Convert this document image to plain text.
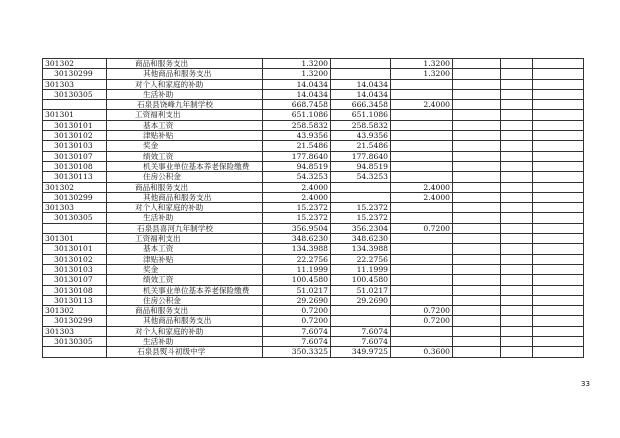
301302	商品和服务支出	1.3200		1.3200			
30130299	其他商品和服务支出	1.3200		1.3200			
301303	对个人和家庭的补助	14.0434	14.0434				
30130305	生活补助	14.0434	14.0434				
	石泉县饶峰九年制学校	668.7458	666.3458	2.4000			
301301	工资福利支出	651.1086	651.1086				
30130101	基本工资	258.5832	258.5832				
30130102	津贴补贴	43.9356	43.9356				
30130103	奖金	21.5486	21.5486				
30130107	绩效工资	177.8640	177.8640				
30130108	机关事业单位基本养老保险缴费	94.8519	94.8519				
30130113	住房公积金	54.3253	54.3253				
301302	商品和服务支出	2.4000		2.4000			
30130299	其他商品和服务支出	2.4000		2.4000			
301303	对个人和家庭的补助	15.2372	15.2372				
30130305	生活补助	15.2372	15.2372				
	石泉县喜河九年制学校	356.9504	356.2304	0.7200			
301301	工资福利支出	348.6230	348.6230				
30130101	基本工资	134.3988	134.3988				
30130102	津贴补贴	22.2756	22.2756				
30130103	奖金	11.1999	11.1999				
30130107	绩效工资	100.4580	100.4580				
30130108	机关事业单位基本养老保险缴费	51.0217	51.0217				
30130113	住房公积金	29.2690	29.2690				
301302	商品和服务支出	0.7200		0.7200			
30130299	其他商品和服务支出	0.7200		0.7200			
301303	对个人和家庭的补助	7.6074	7.6074				
30130305	生活补助	7.6074	7.6074				
	石泉县熨斗初级中学	350.3325	349.9725	0.3600			
33
